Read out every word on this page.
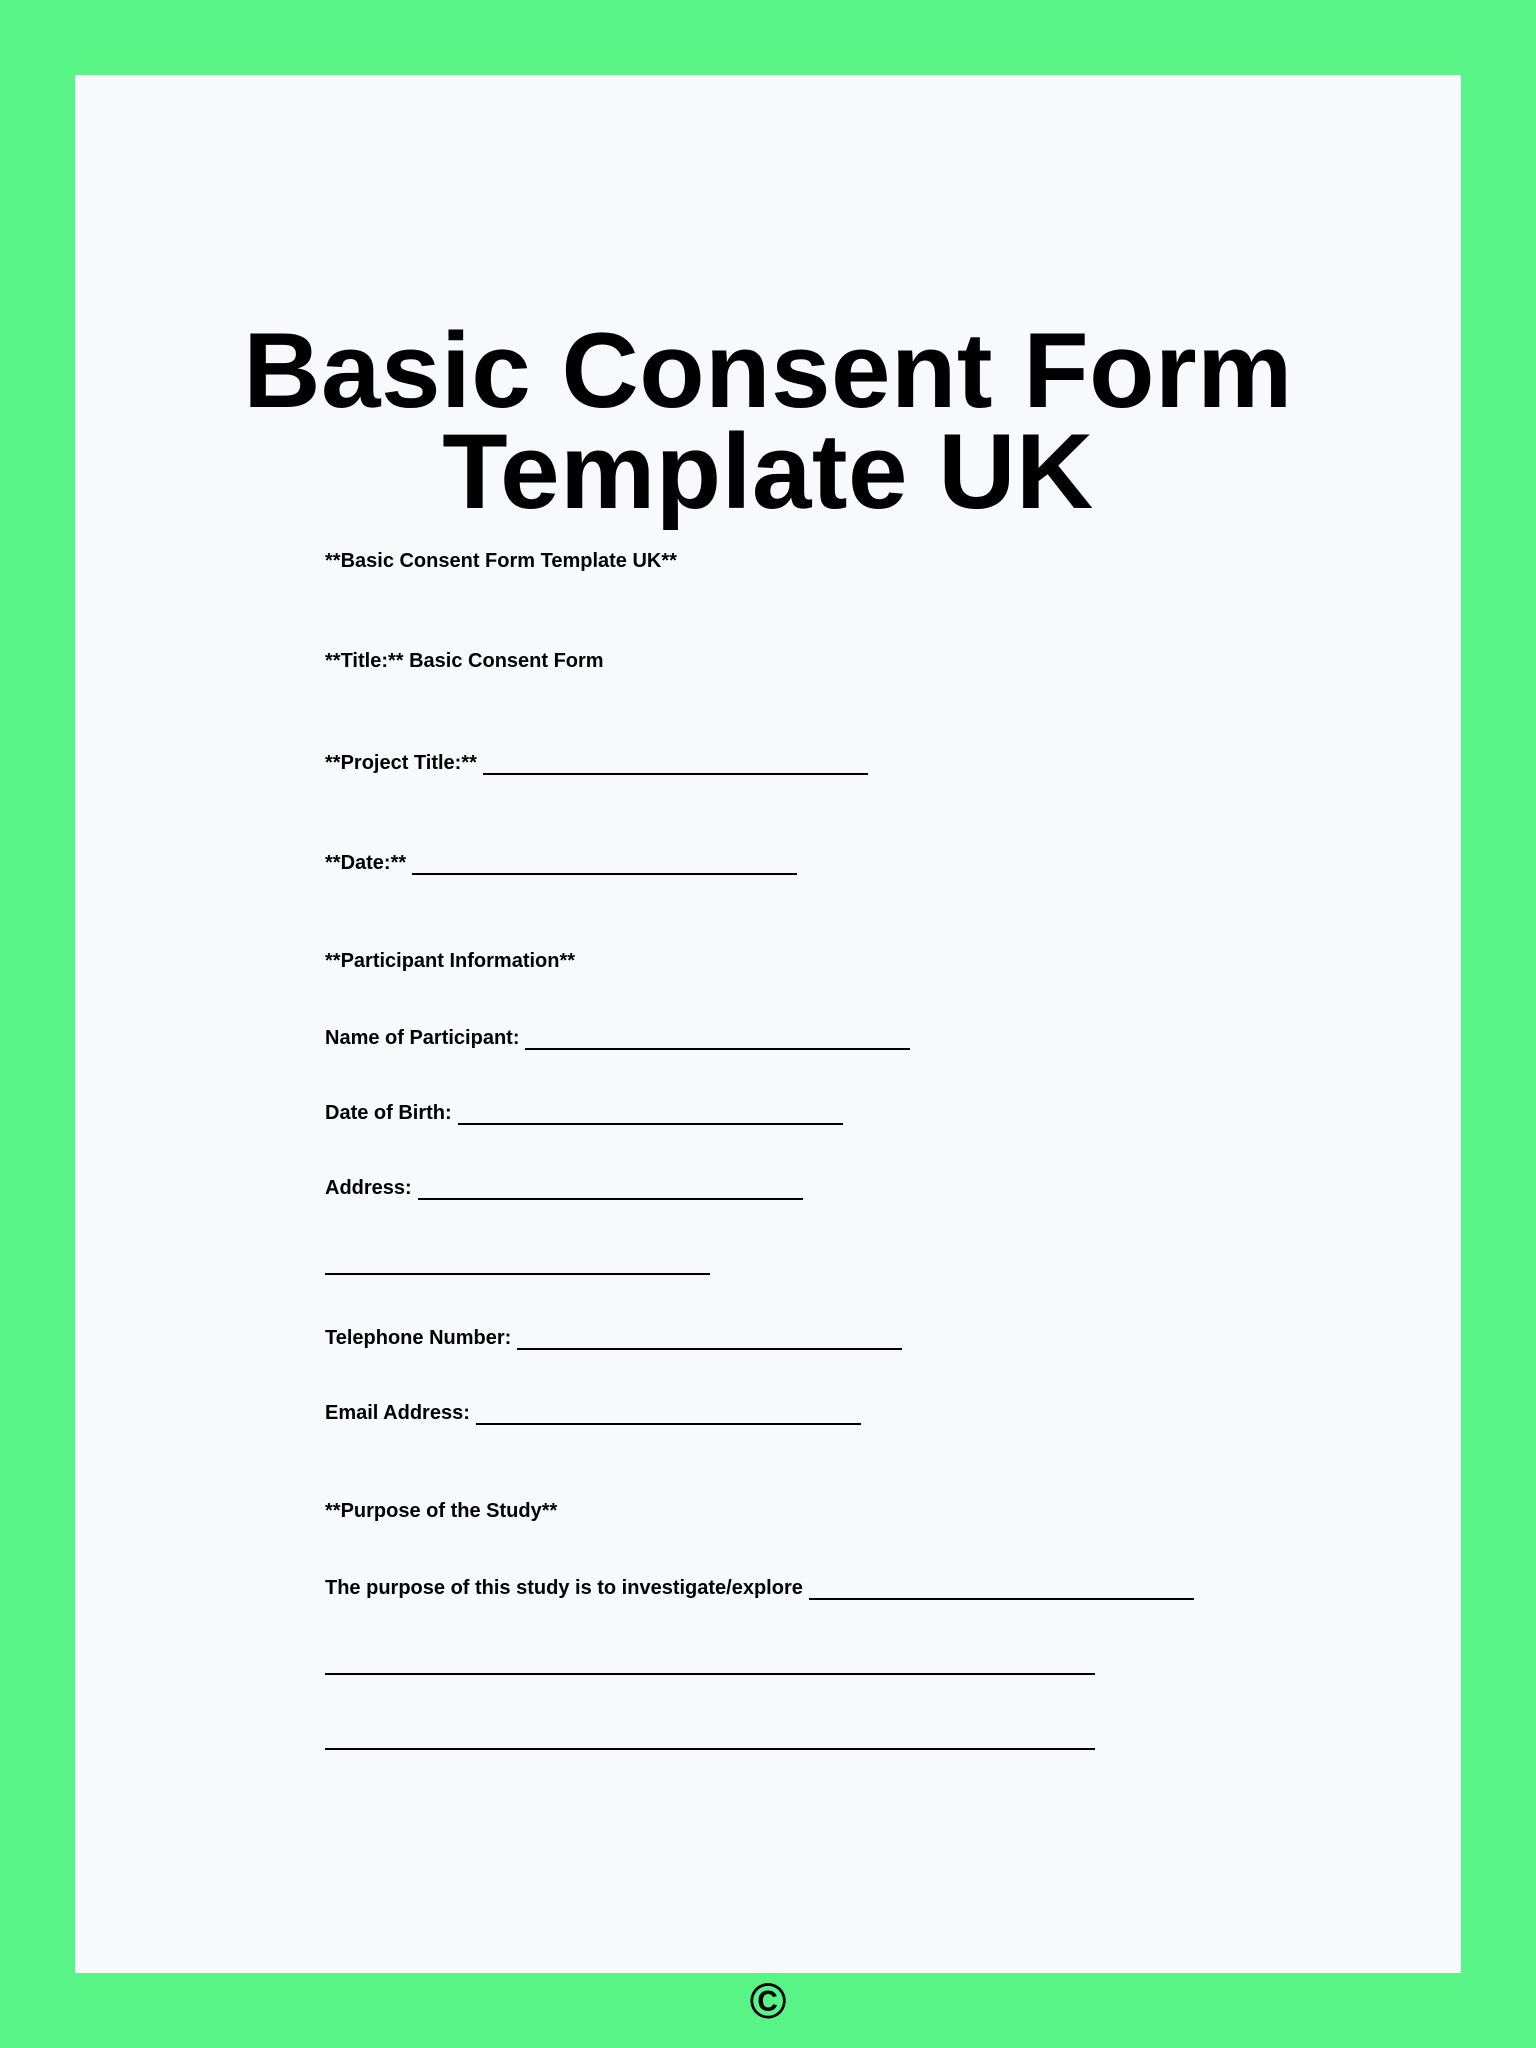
Basic Consent Form
Template UK
**Basic Consent Form Template UK**
**Title:** Basic Consent Form
**Project Title:**
**Date:**
**Participant Information**
Name of Participant:
Date of Birth:
Address:
Telephone Number:
Email Address:
**Purpose of the Study**
The purpose of this study is to investigate/explore
©
